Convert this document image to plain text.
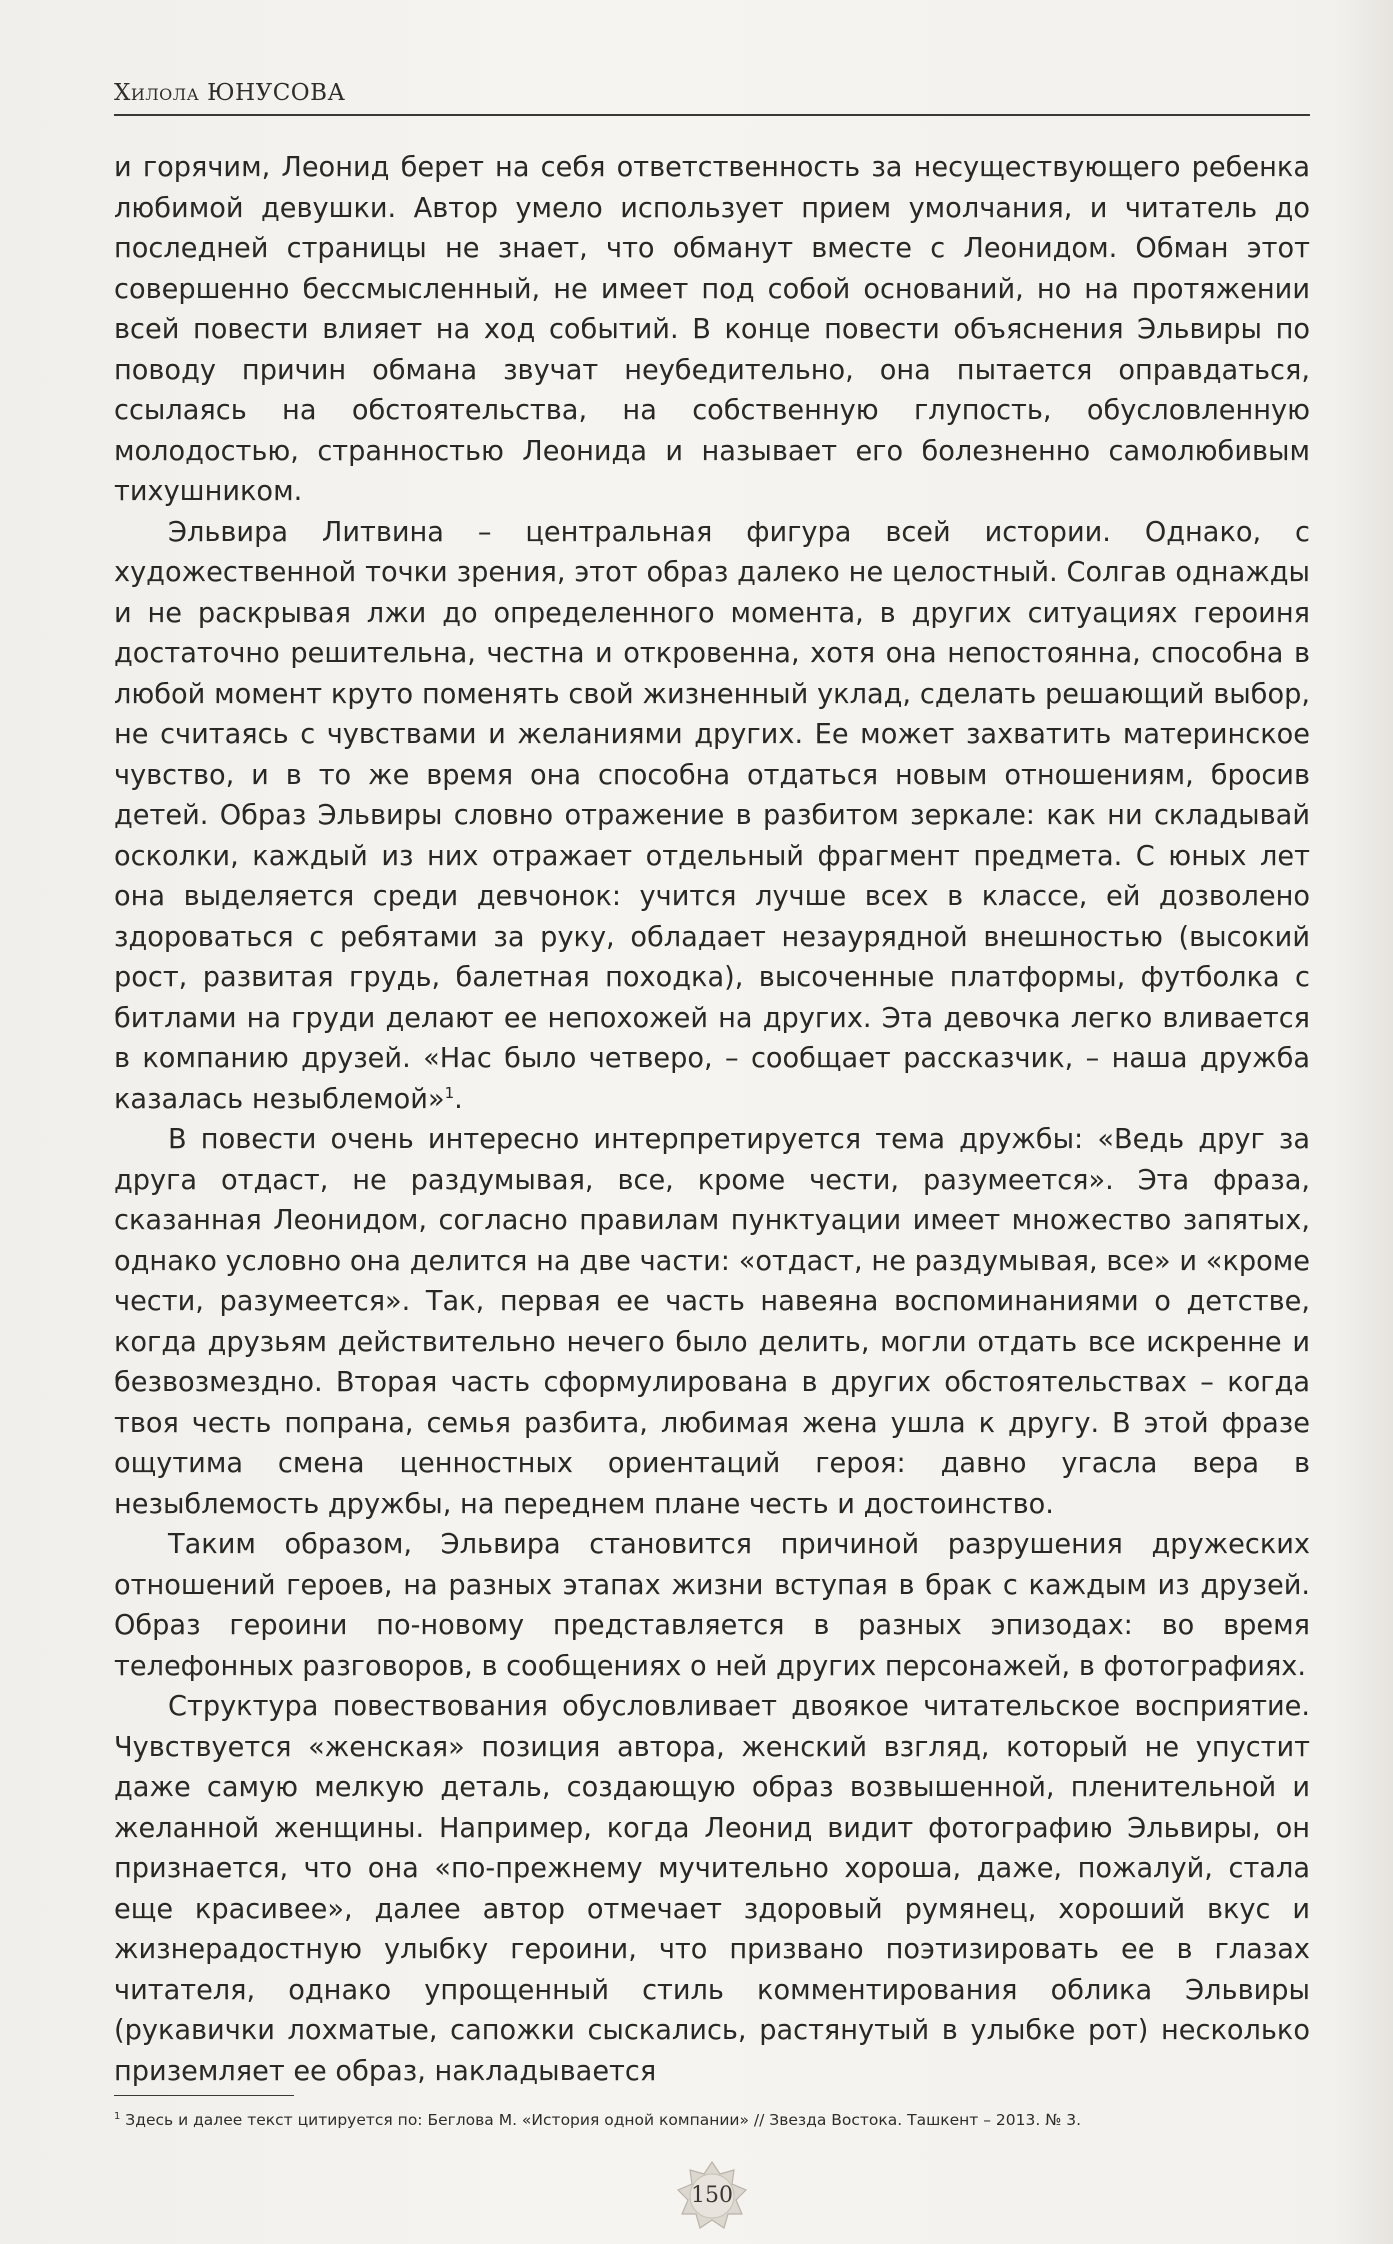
Хилола ЮНУСОВА

и горячим, Леонид берет на себя ответственность за несуществующего ребенка любимой девушки. Автор умело использует прием умолчания, и читатель до последней страницы не знает, что обманут вместе с Леонидом. Обман этот совершенно бессмысленный, не имеет под собой оснований, но на протяжении всей повести влияет на ход событий. В конце повести объяснения Эльвиры по поводу причин обмана звучат неубедительно, она пытается оправдаться, ссылаясь на обстоятельства, на собственную глупость, обусловленную молодостью, странностью Леонида и называет его болезненно самолюбивым тихушником.

Эльвира Литвина – центральная фигура всей истории. Однако, с художественной точки зрения, этот образ далеко не целостный. Солгав однажды и не раскрывая лжи до определенного момента, в других ситуациях героиня достаточно решительна, честна и откровенна, хотя она непостоянна, способна в любой момент круто поменять свой жизненный уклад, сделать решающий выбор, не считаясь с чувствами и желаниями других. Ее может захватить материнское чувство, и в то же время она способна отдаться новым отношениям, бросив детей. Образ Эльвиры словно отражение в разбитом зеркале: как ни складывай осколки, каждый из них отражает отдельный фрагмент предмета. С юных лет она выделяется среди девчонок: учится лучше всех в классе, ей дозволено здороваться с ребятами за руку, обладает незаурядной внешностью (высокий рост, развитая грудь, балетная походка), высоченные платформы, футболка с битлами на груди делают ее непохожей на других. Эта девочка легко вливается в компанию друзей. «Нас было четверо, – сообщает рассказчик, – наша дружба казалась незыблемой»$^1$.

В повести очень интересно интерпретируется тема дружбы: «Ведь друг за друга отдаст, не раздумывая, все, кроме чести, разумеется». Эта фраза, сказанная Леонидом, согласно правилам пунктуации имеет множество запятых, однако условно она делится на две части: «отдаст, не раздумывая, все» и «кроме чести, разумеется». Так, первая ее часть навеяна воспоминаниями о детстве, когда друзьям действительно нечего было делить, могли отдать все искренне и безвозмездно. Вторая часть сформулирована в других обстоятельствах – когда твоя честь попрана, семья разбита, любимая жена ушла к другу. В этой фразе ощутима смена ценностных ориентаций героя: давно угасла вера в незыблемость дружбы, на переднем плане честь и достоинство.

Таким образом, Эльвира становится причиной разрушения дружеских отношений героев, на разных этапах жизни вступая в брак с каждым из друзей. Образ героини по-новому представляется в разных эпизодах: во время телефонных разговоров, в сообщениях о ней других персонажей, в фотографиях.

Структура повествования обусловливает двоякое читательское восприятие. Чувствуется «женская» позиция автора, женский взгляд, который не упустит даже самую мелкую деталь, создающую образ возвышенной, пленительной и желанной женщины. Например, когда Леонид видит фотографию Эльвиры, он признается, что она «по-прежнему мучительно хороша, даже, пожалуй, стала еще красивее», далее автор отмечает здоровый румянец, хороший вкус и жизнерадостную улыбку героини, что призвано поэтизировать ее в глазах читателя, однако упрощенный стиль комментирования облика Эльвиры (рукавички лохматые, сапожки сыскались, растянутый в улыбке рот) несколько приземляет ее образ, накладывается

$^1$ Здесь и далее текст цитируется по: Беглова М. «История одной компании» // Звезда Востока. Ташкент – 2013. № 3.
150
